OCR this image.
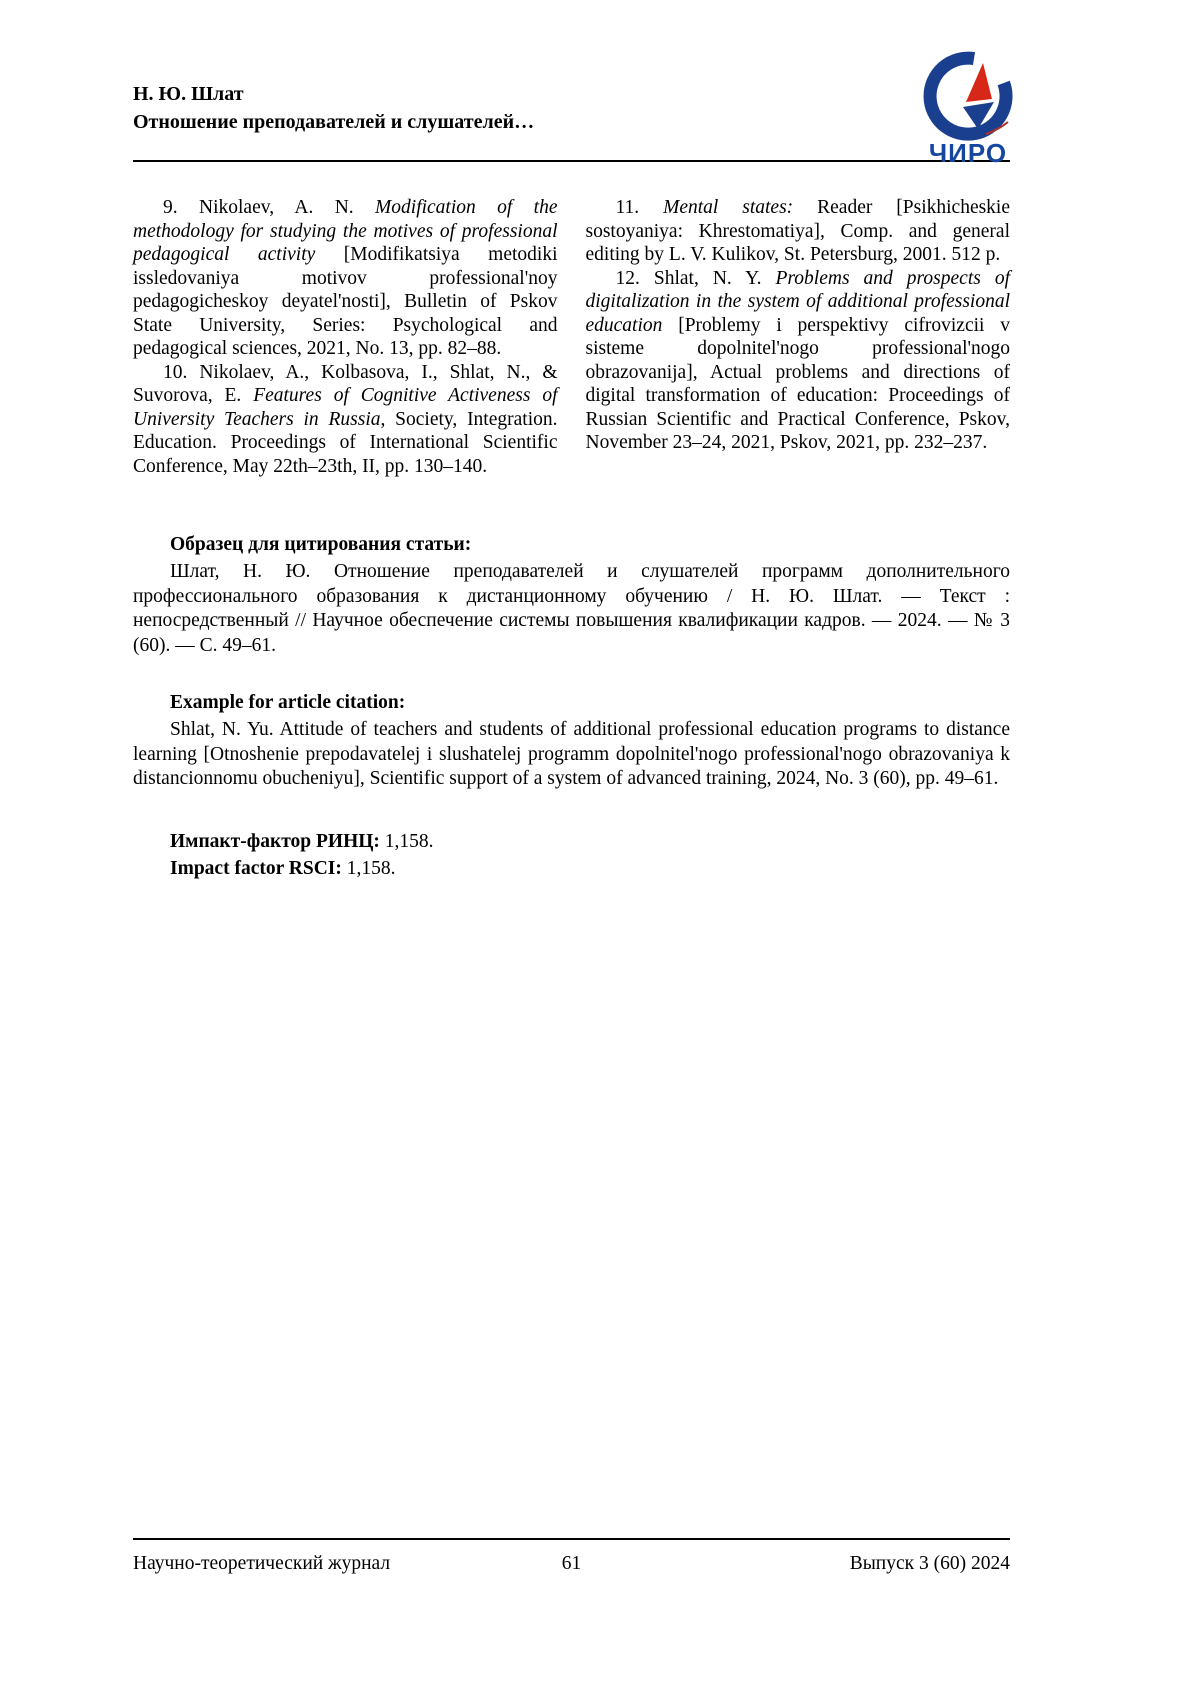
Н. Ю. Шлат
Отношение преподавателей и слушателей…
ЧИРО

9. Nikolaev, A. N. Modification of the methodology for studying the motives of professional pedagogical activity [Modifikatsiya metodiki issledovaniya motivov professional'noy pedagogicheskoy deyatel'nosti], Bulletin of Pskov State University, Series: Psychological and pedagogical sciences, 2021, No. 13, pp. 82–88.

10. Nikolaev, A., Kolbasova, I., Shlat, N., & Suvorova, E. Features of Cognitive Activeness of University Teachers in Russia, Society, Integration. Education. Proceedings of International Scientific Conference, May 22th–23th, II, pp. 130–140.

11. Mental states: Reader [Psikhicheskie sostoyaniya: Khrestomatiya], Comp. and general editing by L. V. Kulikov, St. Petersburg, 2001. 512 p.

12. Shlat, N. Y. Problems and prospects of digitalization in the system of additional professional education [Problemy i perspektivy cifrovizcii v sisteme dopolnitel'nogo professional'nogo obrazovanija], Actual problems and directions of digital transformation of education: Proceedings of Russian Scientific and Practical Conference, Pskov, November 23–24, 2021, Pskov, 2021, pp. 232–237.

Образец для цитирования статьи:

Шлат, Н. Ю. Отношение преподавателей и слушателей программ дополнительного профессионального образования к дистанционному обучению / Н. Ю. Шлат. — Текст : непосредственный // Научное обеспечение системы повышения квалификации кадров. — 2024. — № 3 (60). — С. 49–61.

Example for article citation:

Shlat, N. Yu. Attitude of teachers and students of additional professional education programs to distance learning [Otnoshenie prepodavatelej i slushatelej programm dopolnitel'nogo professional'nogo obrazovaniya k distancionnomu obucheniyu], Scientific support of a system of advanced training, 2024, No. 3 (60), pp. 49–61.

Импакт-фактор РИНЦ: 1,158.
Impact factor RSCI: 1,158.
Научно-теоретический журнал	61	Выпуск 3 (60) 2024
